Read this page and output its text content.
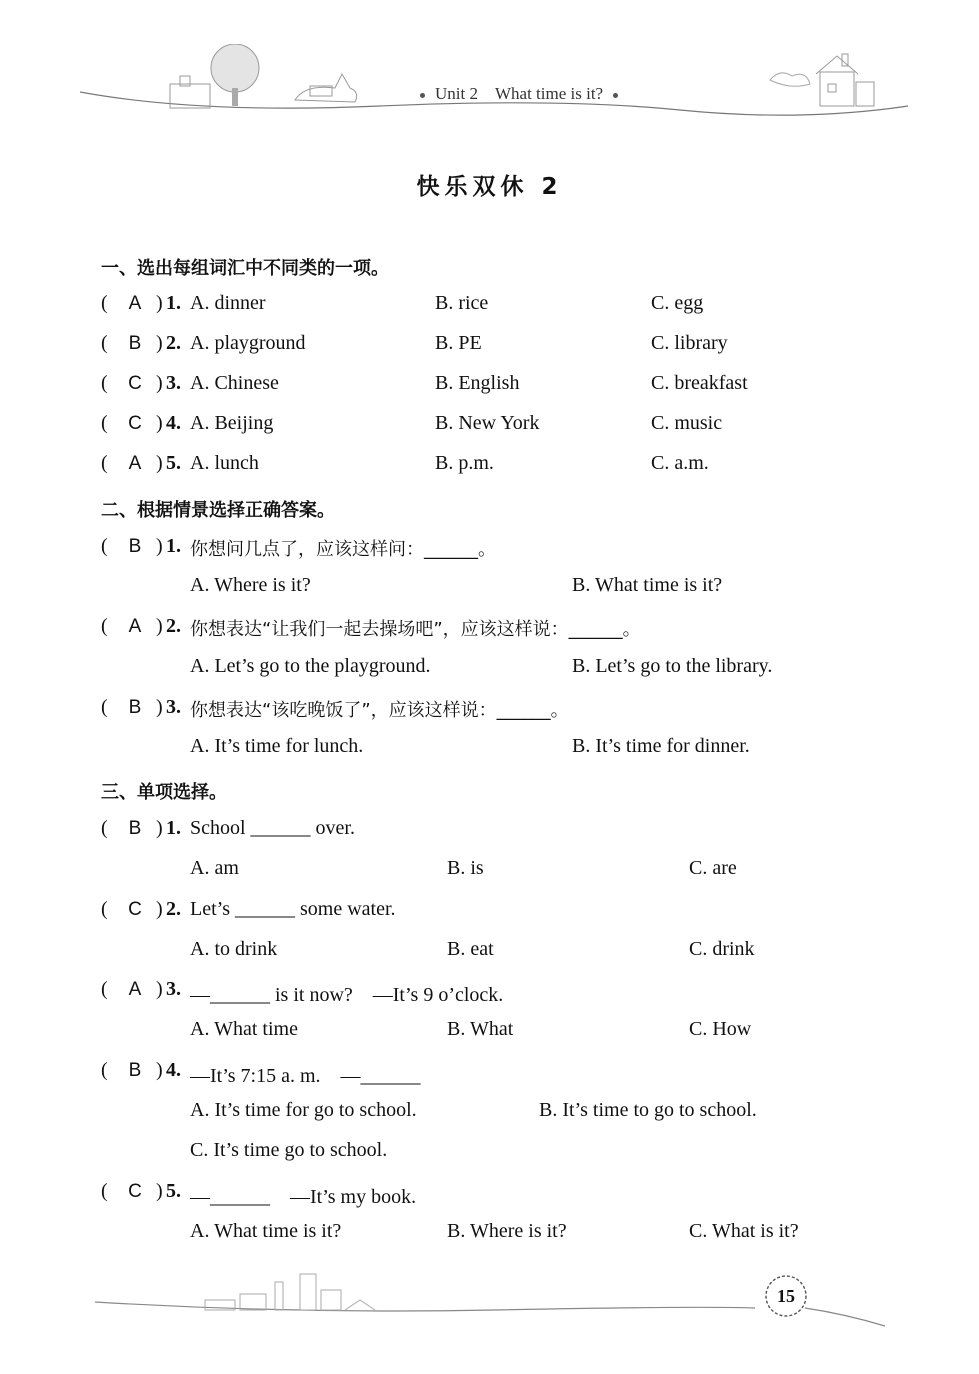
Unit 2 What time is it?
快乐双休 2
一、选出每组词汇中不同类的一项。
( A ) 1. A. dinner	B. rice	C. egg
( B ) 2. A. playground	B. PE	C. library
( C ) 3. A. Chinese	B. English	C. breakfast
( C ) 4. A. Beijing	B. New York	C. music
( A ) 5. A. lunch	B. p.m.	C. a.m.
二、根据情景选择正确答案。
( B ) 1. 你想问几点了，应该这样问：______。
A. Where is it?	B. What time is it?
( A ) 2. 你想表达“让我们一起去操场吧”，应该这样说：______。
A. Let’s go to the playground.	B. Let’s go to the library.
( B ) 3. 你想表达“该吃晚饭了”，应该这样说：______。
A. It’s time for lunch.	B. It’s time for dinner.
三、单项选择。
( B ) 1. School ______ over.
A. am	B. is	C. are
( C ) 2. Let’s ______ some water.
A. to drink	B. eat	C. drink
( A ) 3. —______ is it now?　—It’s 9 o’clock.
A. What time	B. What	C. How
( B ) 4. —It’s 7:15 a. m.　—______
A. It’s time for go to school.	B. It’s time to go to school.
C. It’s time go to school.
( C ) 5. —______　—It’s my book.
A. What time is it?	B. Where is it?	C. What is it?
15
